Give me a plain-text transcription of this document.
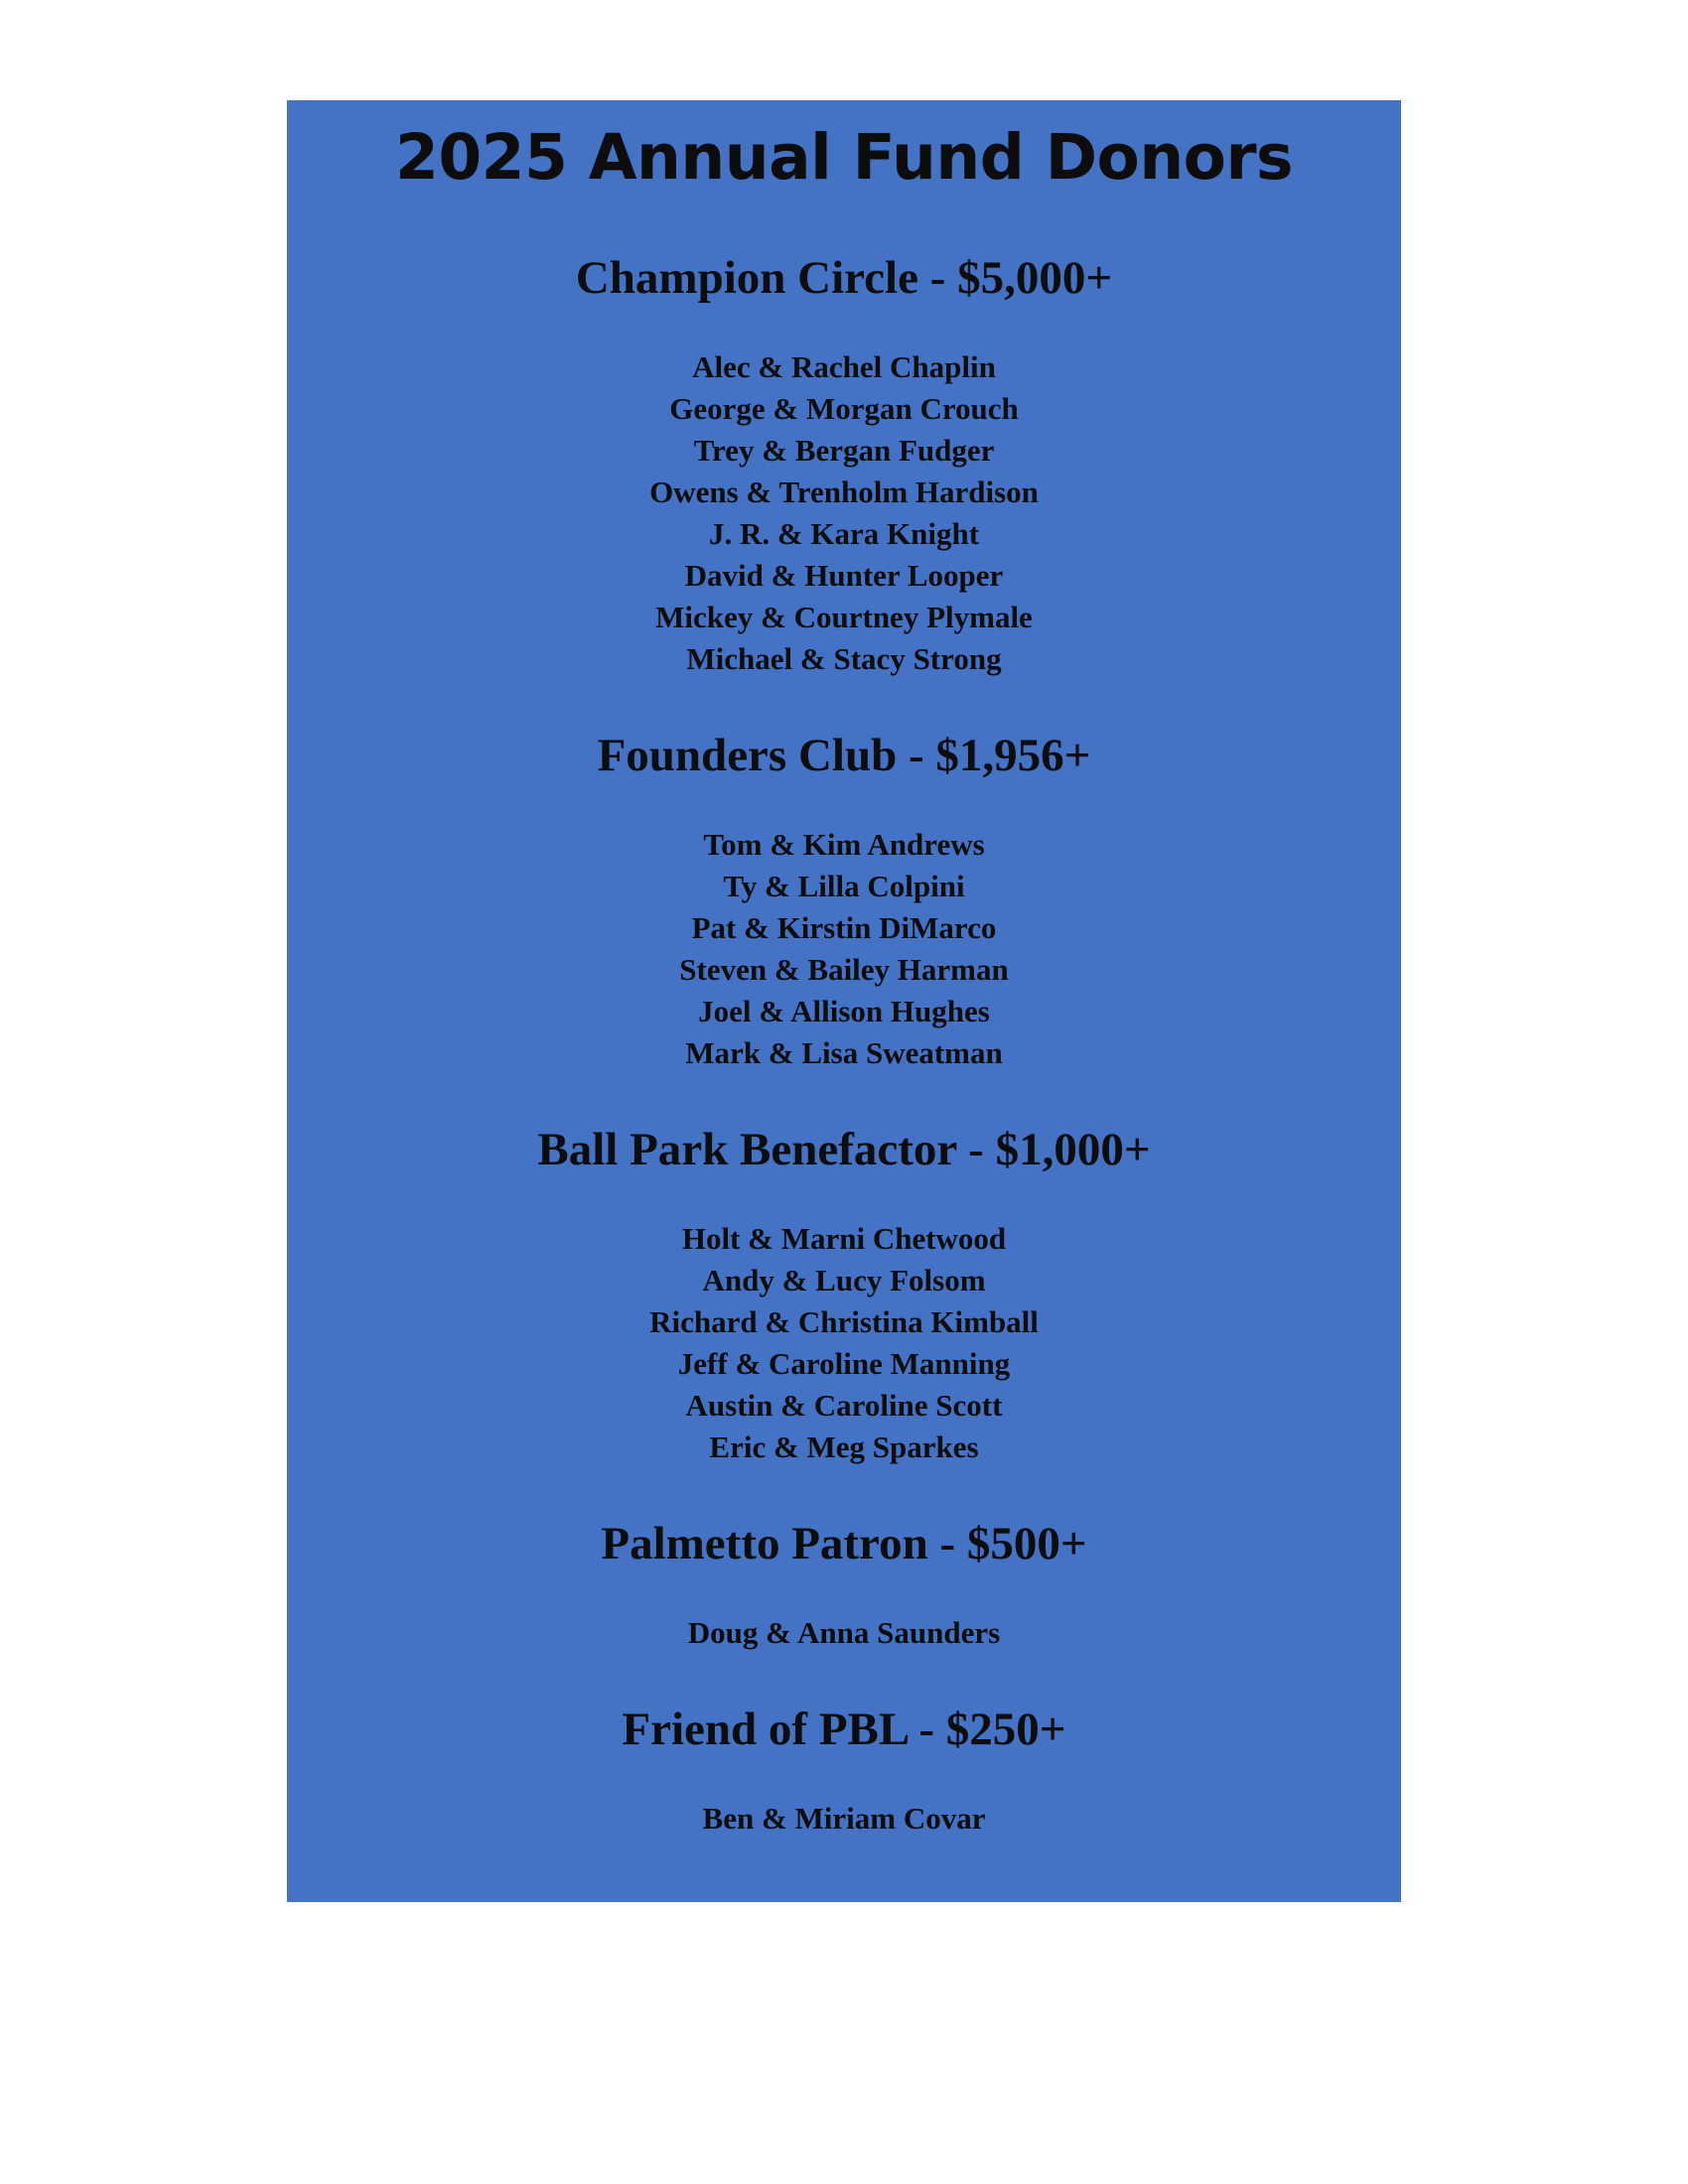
2025 Annual Fund Donors
Champion Circle - $5,000+
Alec & Rachel Chaplin
George & Morgan Crouch
Trey & Bergan Fudger
Owens & Trenholm Hardison
J. R. & Kara Knight
David & Hunter Looper
Mickey & Courtney Plymale
Michael & Stacy Strong
Founders Club - $1,956+
Tom & Kim Andrews
Ty & Lilla Colpini
Pat & Kirstin DiMarco
Steven & Bailey Harman
Joel & Allison Hughes
Mark & Lisa Sweatman
Ball Park Benefactor - $1,000+
Holt & Marni Chetwood
Andy & Lucy Folsom
Richard & Christina Kimball
Jeff & Caroline Manning
Austin & Caroline Scott
Eric & Meg Sparkes
Palmetto Patron - $500+
Doug & Anna Saunders
Friend of PBL - $250+
Ben & Miriam Covar
